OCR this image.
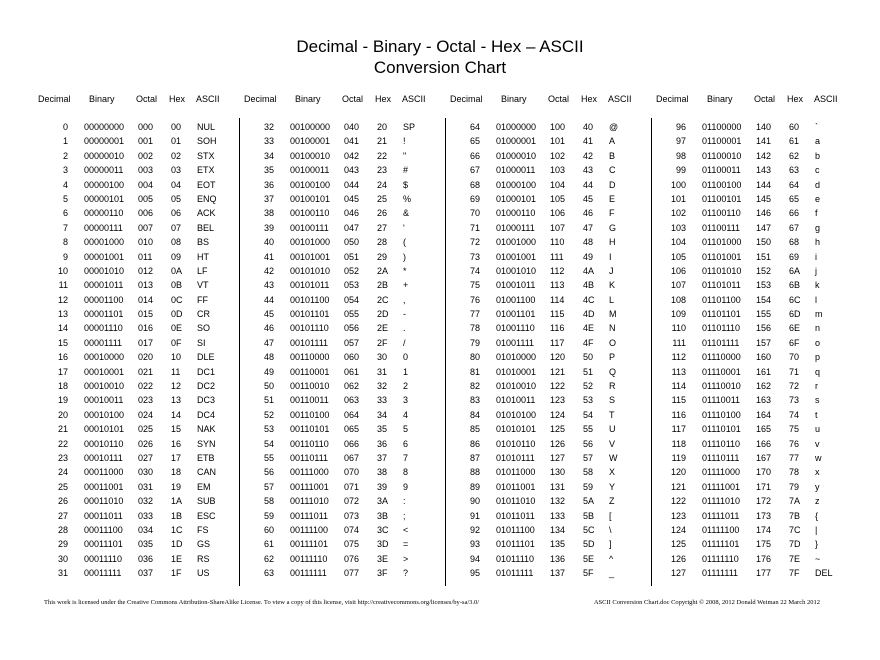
Decimal - Binary - Octal - Hex – ASCII
Conversion Chart
Decimal Binary Octal Hex ASCII
0 00000000	000	00	NUL
1 00000001	001	01	SOH
2 00000010	002	02	STX
3 00000011	003	03	ETX
4 00000100	004	04	EOT
5 00000101	005	05	ENQ
6 00000110	006	06	ACK
7 00000111	007	07	BEL
8 00001000	010	08	BS
9 00001001	011	09	HT
10 00001010	012	0A	LF
11 00001011	013	0B	VT
12 00001100	014	0C	FF
13 00001101	015	0D	CR
14 00001110	016	0E	SO
15 00001111	017	0F	SI
16 00010000	020	10	DLE
17 00010001	021	11	DC1
18 00010010	022	12	DC2
19 00010011	023	13	DC3
20 00010100	024	14	DC4
21 00010101	025	15	NAK
22 00010110	026	16	SYN
23 00010111	027	17	ETB
24 00011000	030	18	CAN
25 00011001	031	19	EM
26 00011010	032	1A	SUB
27 00011011	033	1B	ESC
28 00011100	034	1C	FS
29 00011101	035	1D	GS
30 00011110	036	1E	RS
31 00011111	037	1F	US
Decimal Binary Octal Hex ASCII
32 00100000	040	20	SP
33 00100001	041	21	!
34 00100010	042	22	"
35 00100011	043	23	#
36 00100100	044	24	$
37 00100101	045	25	%
38 00100110	046	26	&
39 00100111	047	27	'
40 00101000	050	28	(
41 00101001	051	29	)
42 00101010	052	2A	*
43 00101011	053	2B	+
44 00101100	054	2C	,
45 00101101	055	2D	-
46 00101110	056	2E	.
47 00101111	057	2F	/
48 00110000	060	30	0
49 00110001	061	31	1
50 00110010	062	32	2
51 00110011	063	33	3
52 00110100	064	34	4
53 00110101	065	35	5
54 00110110	066	36	6
55 00110111	067	37	7
56 00111000	070	38	8
57 00111001	071	39	9
58 00111010	072	3A	:
59 00111011	073	3B	;
60 00111100	074	3C	<
61 00111101	075	3D	=
62 00111110	076	3E	>
63 00111111	077	3F	?
Decimal Binary Octal Hex ASCII
64 01000000	100	40	@
65 01000001	101	41	A
66 01000010	102	42	B
67 01000011	103	43	C
68 01000100	104	44	D
69 01000101	105	45	E
70 01000110	106	46	F
71 01000111	107	47	G
72 01001000	110	48	H
73 01001001	111	49	I
74 01001010	112	4A	J
75 01001011	113	4B	K
76 01001100	114	4C	L
77 01001101	115	4D	M
78 01001110	116	4E	N
79 01001111	117	4F	O
80 01010000	120	50	P
81 01010001	121	51	Q
82 01010010	122	52	R
83 01010011	123	53	S
84 01010100	124	54	T
85 01010101	125	55	U
86 01010110	126	56	V
87 01010111	127	57	W
88 01011000	130	58	X
89 01011001	131	59	Y
90 01011010	132	5A	Z
91 01011011	133	5B	[
92 01011100	134	5C	\
93 01011101	135	5D	]
94 01011110	136	5E	^
95 01011111	137	5F	_
Decimal Binary Octal Hex ASCII
96 01100000	140	60	`
97 01100001	141	61	a
98 01100010	142	62	b
99 01100011	143	63	c
100 01100100	144	64	d
101 01100101	145	65	e
102 01100110	146	66	f
103 01100111	147	67	g
104 01101000	150	68	h
105 01101001	151	69	i
106 01101010	152	6A	j
107 01101011	153	6B	k
108 01101100	154	6C	l
109 01101101	155	6D	m
110 01101110	156	6E	n
111 01101111	157	6F	o
112 01110000	160	70	p
113 01110001	161	71	q
114 01110010	162	72	r
115 01110011	163	73	s
116 01110100	164	74	t
117 01110101	165	75	u
118 01110110	166	76	v
119 01110111	167	77	w
120 01111000	170	78	x
121 01111001	171	79	y
122 01111010	172	7A	z
123 01111011	173	7B	{
124 01111100	174	7C	|
125 01111101	175	7D	}
126 01111110	176	7E	~
127 01111111	177	7F	DEL
This work is licensed under the Creative Commons Attribution-ShareAlike License. To view a copy of this license, visit http://creativecommons.org/licenses/by-sa/3.0/	ASCII Conversion Chart.doc Copyright © 2008, 2012 Donald Weiman 22 March 2012
